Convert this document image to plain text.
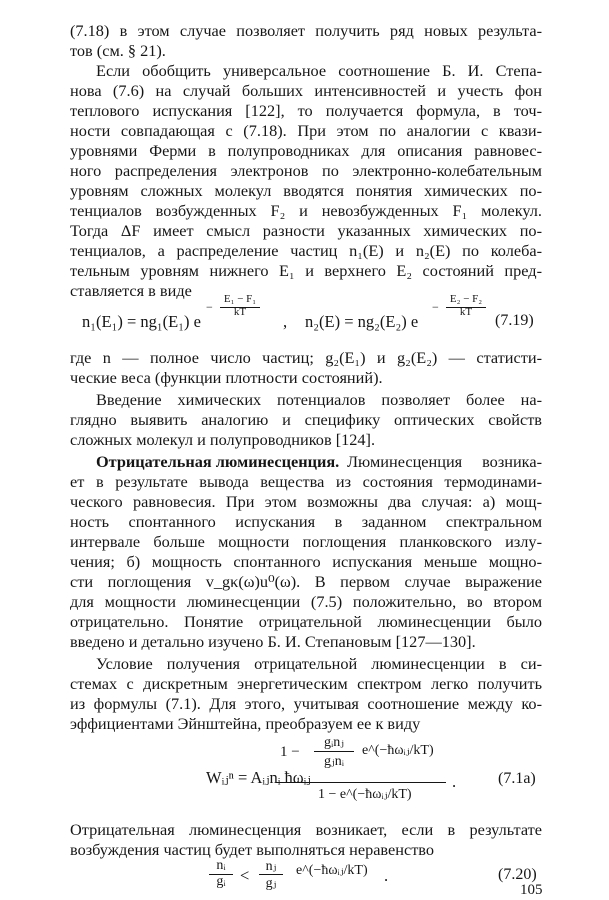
(7.18) в этом случае позволяет получить ряд новых результа-
тов (см. § 21).
Если обобщить универсальное соотношение Б. И. Степа-
нова (7.6) на случай больших интенсивностей и учесть фон
теплового испускания [122], то получается формула, в точ-
ности совпадающая с (7.18). При этом по аналогии с квази-
уровнями Ферми в полупроводниках для описания равновес-
ного распределения электронов по электронно-колебательным
уровням сложных молекул вводятся понятия химических по-
тенциалов возбужденных F₂ и невозбужденных F₁ молекул.
Тогда ΔF имеет смысл разности указанных химических по-
тенциалов, а распределение частиц n₁(E) и n₂(E) по колеба-
тельным уровням нижнего E₁ и верхнего E₂ состояний пред-
ставляется в виде
n₁(E₁) = ng₁(E₁) e
E₁ − F₁
kT
−
, n₂(E) = ng₂(E₂) e
−
E₂ − F₂
kT	(7.19)
где n — полное число частиц; g₂(E₁) и g₂(E₂) — статисти-
ческие веса (функции плотности состояний).
Введение химических потенциалов позволяет более на-
глядно выявить аналогию и специфику оптических свойств
сложных молекул и полупроводников [124].
Отрицательная люминесценция. Люминесценция возника-
ет в результате вывода вещества из состояния термодинами-
ческого равновесия. При этом возможны два случая: а) мощ-
ность спонтанного испускания в заданном спектральном
интервале больше мощности поглощения планковского излу-
чения; б) мощность спонтанного испускания меньше мощно-
сти поглощения v_gκ(ω)u⁰(ω). В первом случае выражение
для мощности люминесценции (7.5) положительно, во втором
отрицательно. Понятие отрицательной люминесценции было
введено и детально изучено Б. И. Степановым [127—130].
Условие получения отрицательной люминесценции в си-
стемах с дискретным энергетическим спектром легко получить
из формулы (7.1). Для этого, учитывая соотношение между ко-
эффициентами Эйнштейна, преобразуем ее к виду
Wᵢⱼⁿ = Aᵢⱼnᵢ ħωᵢⱼ
1 −
gᵢnⱼ
gⱼnᵢ
e^(−ħωᵢⱼ/kT)
1 − e^(−ħωᵢⱼ/kT)
.	(7.1a)
Отрицательная люминесценция возникает, если в результате
возбуждения частиц будет выполняться неравенство
nᵢ
gᵢ <	nⱼ
gⱼ
e^(−ħωᵢⱼ/kT) .	(7.20)
105
